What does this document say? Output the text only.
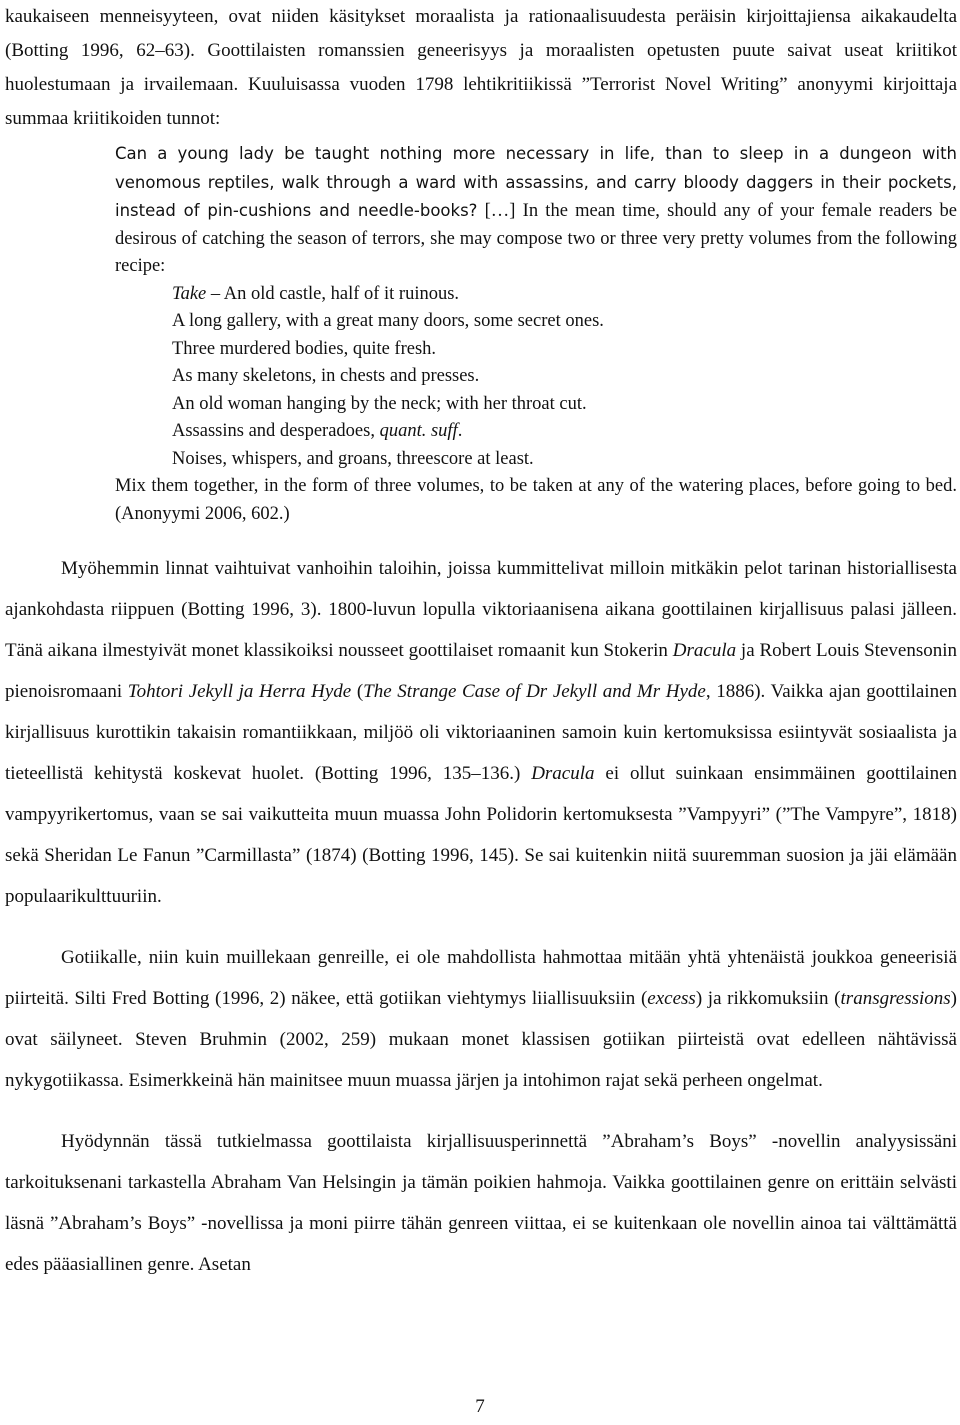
kaukaiseen menneisyyteen, ovat niiden käsitykset moraalista ja rationaalisuudesta peräisin kirjoittajiensa aikakaudelta (Botting 1996, 62–63). Goottilaisten romanssien geneerisyys ja moraalisten opetusten puute saivat useat kriitikot huolestumaan ja irvailemaan. Kuuluisassa vuoden 1798 lehtikritiikissä ”Terrorist Novel Writing” anonyymi kirjoittaja summaa kriitikoiden tunnot:

Can a young lady be taught nothing more necessary in life, than to sleep in a dungeon with venomous reptiles, walk through a ward with assassins, and carry bloody daggers in their pockets, instead of pin-cushions and needle-books? […] In the mean time, should any of your female readers be desirous of catching the season of terrors, she may compose two or three very pretty volumes from the following recipe:
Take – An old castle, half of it ruinous.
A long gallery, with a great many doors, some secret ones.
Three murdered bodies, quite fresh.
As many skeletons, in chests and presses.
An old woman hanging by the neck; with her throat cut.
Assassins and desperadoes, quant. suff.
Noises, whispers, and groans, threescore at least.
Mix them together, in the form of three volumes, to be taken at any of the watering places, before going to bed. (Anonyymi 2006, 602.)

Myöhemmin linnat vaihtuivat vanhoihin taloihin, joissa kummittelivat milloin mitkäkin pelot tarinan historiallisesta ajankohdasta riippuen (Botting 1996, 3). 1800-luvun lopulla viktoriaanisena aikana goottilainen kirjallisuus palasi jälleen. Tänä aikana ilmestyivät monet klassikoiksi nousseet goottilaiset romaanit kun Stokerin Dracula ja Robert Louis Stevensonin pienoisromaani Tohtori Jekyll ja Herra Hyde (The Strange Case of Dr Jekyll and Mr Hyde, 1886). Vaikka ajan goottilainen kirjallisuus kurottikin takaisin romantiikkaan, miljöö oli viktoriaaninen samoin kuin kertomuksissa esiintyvät sosiaalista ja tieteellistä kehitystä koskevat huolet. (Botting 1996, 135–136.) Dracula ei ollut suinkaan ensimmäinen goottilainen vampyyrikertomus, vaan se sai vaikutteita muun muassa John Polidorin kertomuksesta ”Vampyyri” (”The Vampyre”, 1818) sekä Sheridan Le Fanun ”Carmillasta” (1874) (Botting 1996, 145). Se sai kuitenkin niitä suuremman suosion ja jäi elämään populaarikulttuuriin.

Gotiikalle, niin kuin muillekaan genreille, ei ole mahdollista hahmottaa mitään yhtä yhtenäistä joukkoa geneerisiä piirteitä. Silti Fred Botting (1996, 2) näkee, että gotiikan viehtymys liiallisuuksiin (excess) ja rikkomuksiin (transgressions) ovat säilyneet. Steven Bruhmin (2002, 259) mukaan monet klassisen gotiikan piirteistä ovat edelleen nähtävissä nykygotiikassa. Esimerkkeinä hän mainitsee muun muassa järjen ja intohimon rajat sekä perheen ongelmat.

Hyödynnän tässä tutkielmassa goottilaista kirjallisuusperinnettä ”Abraham’s Boys” -novellin analyysissäni tarkoituksenani tarkastella Abraham Van Helsingin ja tämän poikien hahmoja. Vaikka goottilainen genre on erittäin selvästi läsnä ”Abraham’s Boys” -novellissa ja moni piirre tähän genreen viittaa, ei se kuitenkaan ole novellin ainoa tai välttämättä edes pääasiallinen genre. Asetan

7
